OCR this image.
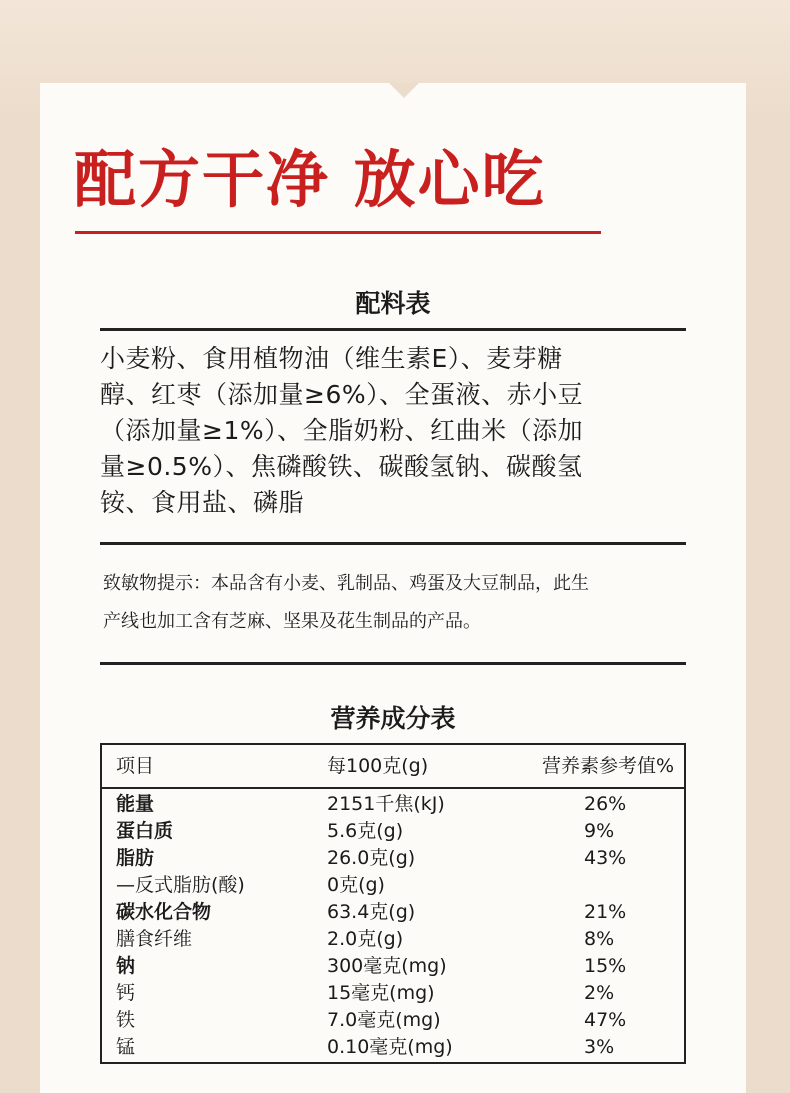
配方干净 放心吃
配料表
小麦粉、食用植物油（维生素E）、麦芽糖
醇、红枣（添加量≥6%）、全蛋液、赤小豆
（添加量≥1%）、全脂奶粉、红曲米（添加
量≥0.5%）、焦磷酸铁、碳酸氢钠、碳酸氢
铵、食用盐、磷脂
致敏物提示：本品含有小麦、乳制品、鸡蛋及大豆制品，此生
产线也加工含有芝麻、坚果及花生制品的产品。
营养成分表
项目	每100克(g)	营养素参考值%
能量	2151千焦(kJ)	26%
蛋白质	5.6克(g)	9%
脂肪	26.0克(g)	43%
—反式脂肪(酸)	0克(g)
碳水化合物	63.4克(g)	21%
膳食纤维	2.0克(g)	8%
钠	300毫克(mg)	15%
钙	15毫克(mg)	2%
铁	7.0毫克(mg)	47%
锰	0.10毫克(mg)	3%
